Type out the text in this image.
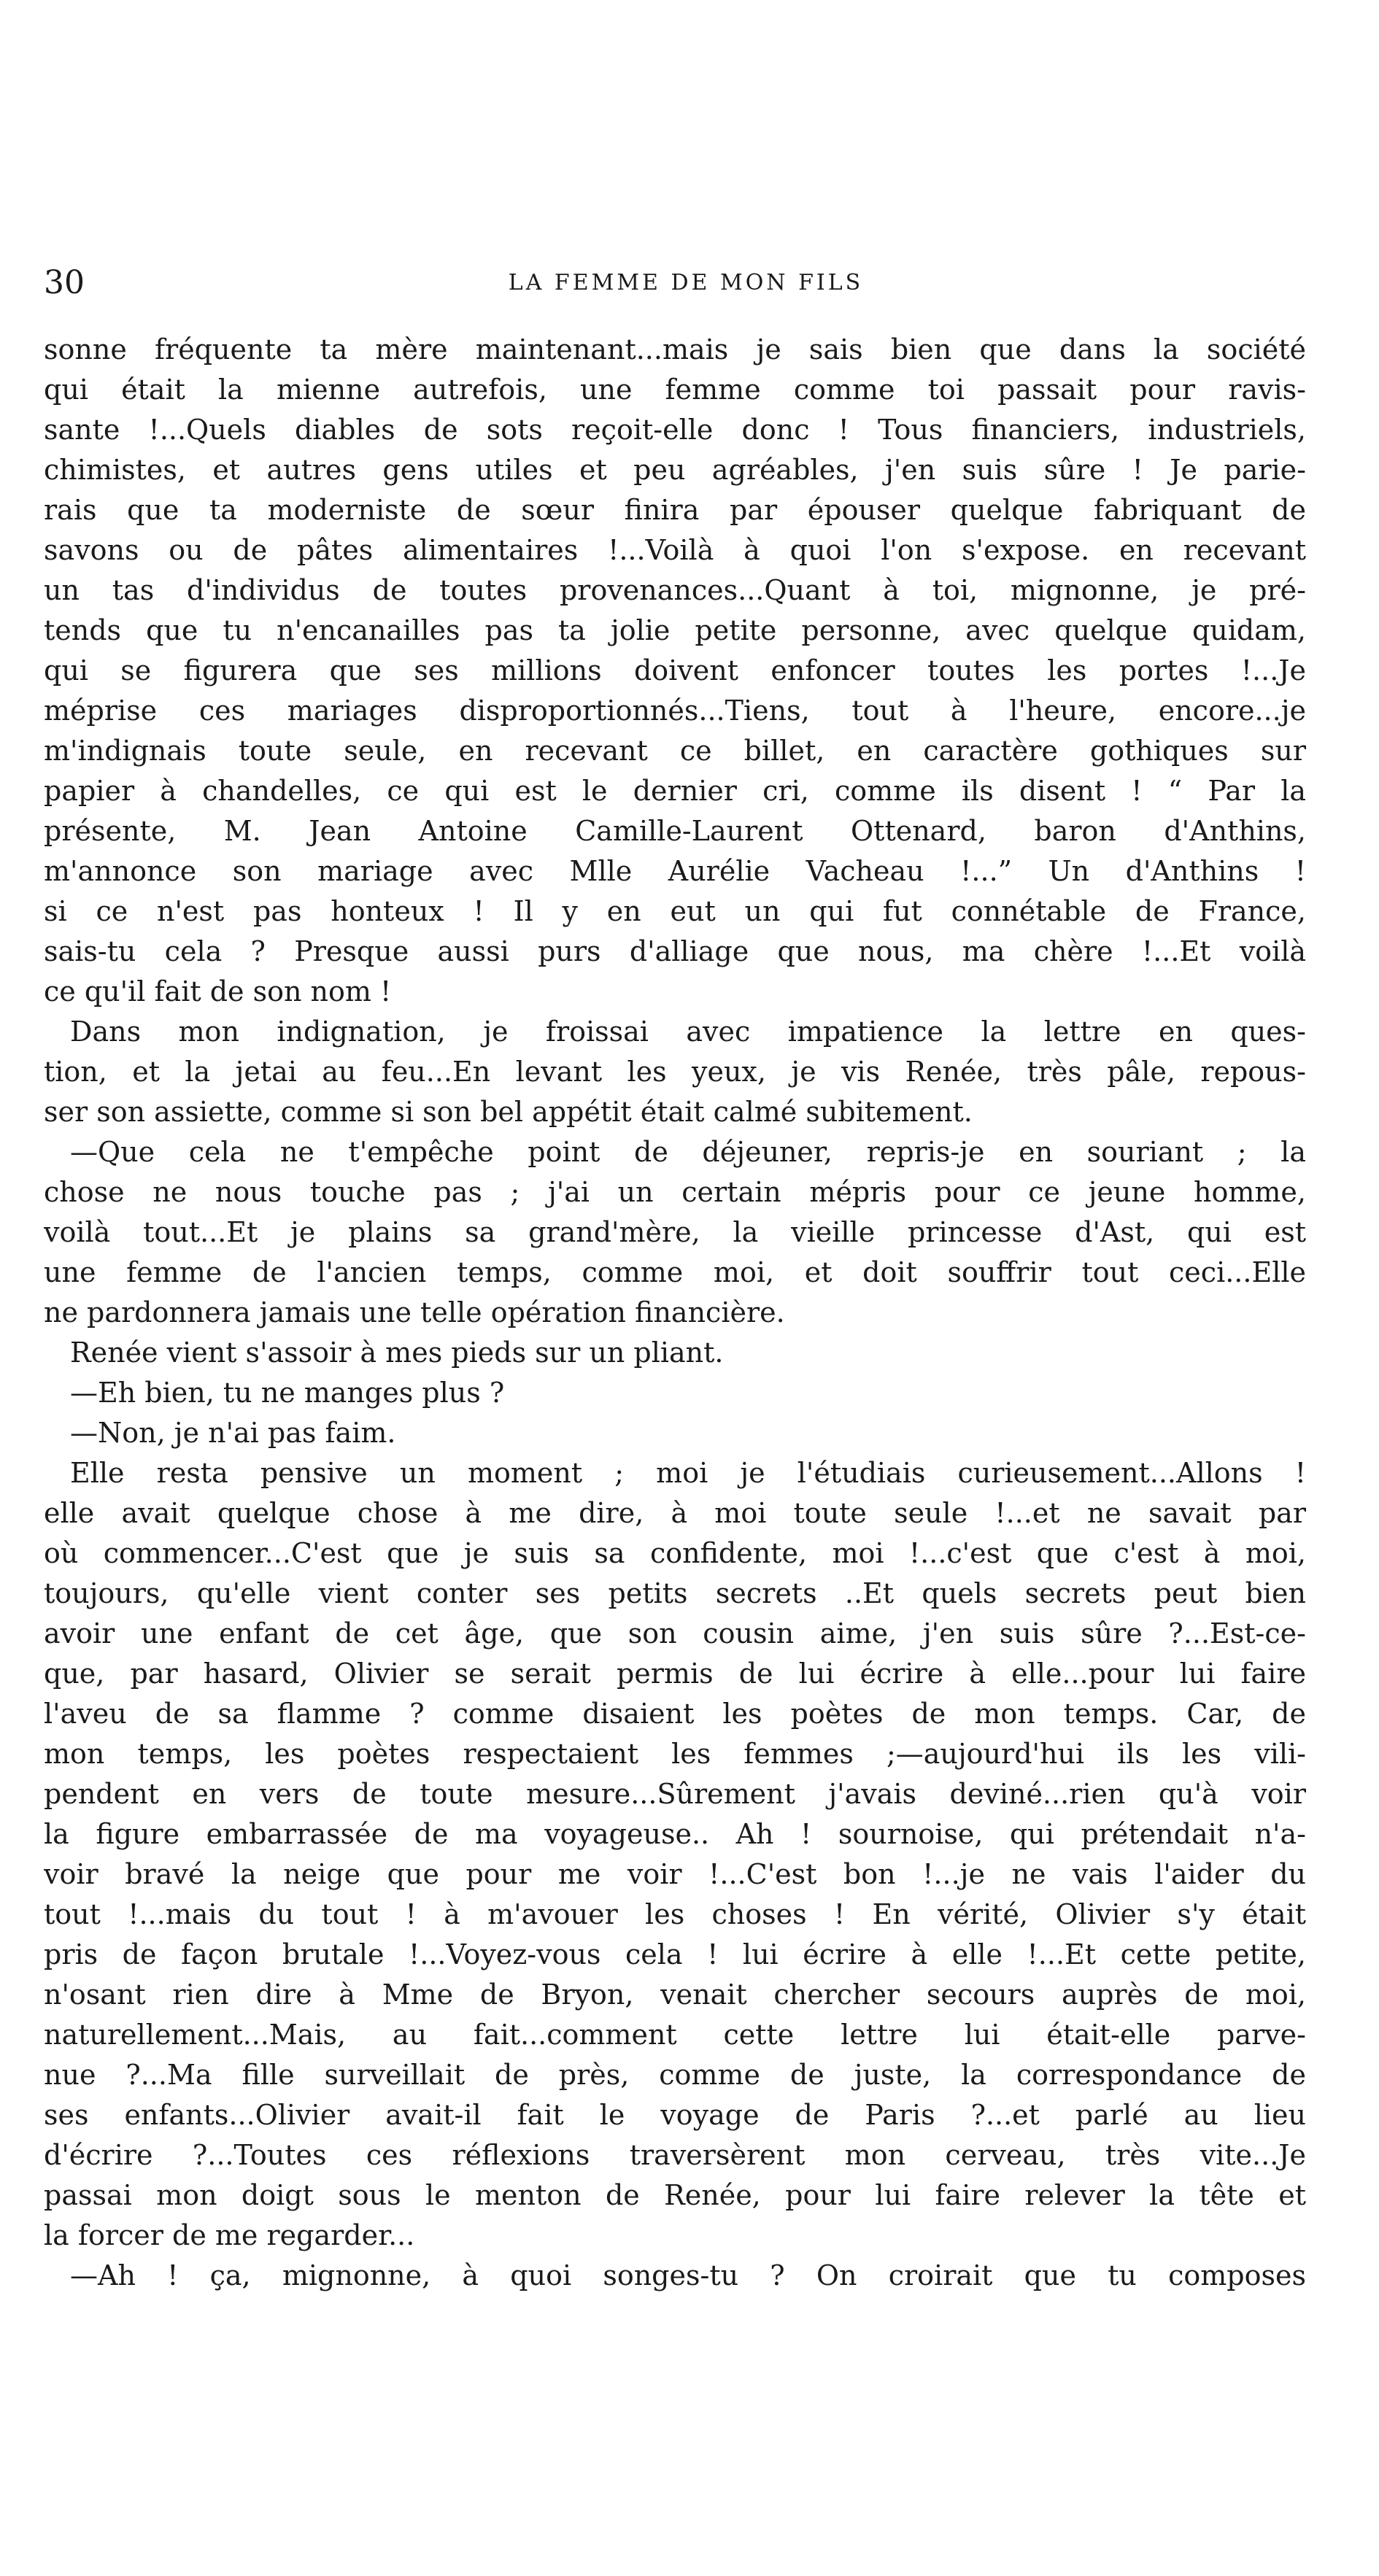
30	LA FEMME DE MON FILS
sonne fréquente ta mère maintenant...mais je sais bien que dans la société
qui était la mienne autrefois, une femme comme toi passait pour ravis-
sante !...Quels diables de sots reçoit-elle donc ! Tous financiers, industriels,
chimistes, et autres gens utiles et peu agréables, j'en suis sûre ! Je parie-
rais que ta moderniste de sœur finira par épouser quelque fabriquant de
savons ou de pâtes alimentaires !...Voilà à quoi l'on s'expose. en recevant
un tas d'individus de toutes provenances...Quant à toi, mignonne, je pré-
tends que tu n'encanailles pas ta jolie petite personne, avec quelque quidam,
qui se figurera que ses millions doivent enfoncer toutes les portes !...Je
méprise ces mariages disproportionnés...Tiens, tout à l'heure, encore...je
m'indignais toute seule, en recevant ce billet, en caractère gothiques sur
papier à chandelles, ce qui est le dernier cri, comme ils disent ! “ Par la
présente, M. Jean Antoine Camille-Laurent Ottenard, baron d'Anthins,
m'annonce son mariage avec Mlle Aurélie Vacheau !...” Un d'Anthins !
si ce n'est pas honteux ! Il y en eut un qui fut connétable de France,
sais-tu cela ? Presque aussi purs d'alliage que nous, ma chère !...Et voilà
ce qu'il fait de son nom !
Dans mon indignation, je froissai avec impatience la lettre en ques-
tion, et la jetai au feu...En levant les yeux, je vis Renée, très pâle, repous-
ser son assiette, comme si son bel appétit était calmé subitement.
—Que cela ne t'empêche point de déjeuner, repris-je en souriant ; la
chose ne nous touche pas ; j'ai un certain mépris pour ce jeune homme,
voilà tout...Et je plains sa grand'mère, la vieille princesse d'Ast, qui est
une femme de l'ancien temps, comme moi, et doit souffrir tout ceci...Elle
ne pardonnera jamais une telle opération financière.
Renée vient s'assoir à mes pieds sur un pliant.
—Eh bien, tu ne manges plus ?
—Non, je n'ai pas faim.
Elle resta pensive un moment ; moi je l'étudiais curieusement...Allons !
elle avait quelque chose à me dire, à moi toute seule !...et ne savait par
où commencer...C'est que je suis sa confidente, moi !...c'est que c'est à moi,
toujours, qu'elle vient conter ses petits secrets ..Et quels secrets peut bien
avoir une enfant de cet âge, que son cousin aime, j'en suis sûre ?...Est-ce-
que, par hasard, Olivier se serait permis de lui écrire à elle...pour lui faire
l'aveu de sa flamme ? comme disaient les poètes de mon temps. Car, de
mon temps, les poètes respectaient les femmes ;—aujourd'hui ils les vili-
pendent en vers de toute mesure...Sûrement j'avais deviné...rien qu'à voir
la figure embarrassée de ma voyageuse.. Ah ! sournoise, qui prétendait n'a-
voir bravé la neige que pour me voir !...C'est bon !...je ne vais l'aider du
tout !...mais du tout ! à m'avouer les choses ! En vérité, Olivier s'y était
pris de façon brutale !...Voyez-vous cela ! lui écrire à elle !...Et cette petite,
n'osant rien dire à Mme de Bryon, venait chercher secours auprès de moi,
naturellement...Mais, au fait...comment cette lettre lui était-elle parve-
nue ?...Ma fille surveillait de près, comme de juste, la correspondance de
ses enfants...Olivier avait-il fait le voyage de Paris ?...et parlé au lieu
d'écrire ?...Toutes ces réflexions traversèrent mon cerveau, très vite...Je
passai mon doigt sous le menton de Renée, pour lui faire relever la tête et
la forcer de me regarder...
—Ah ! ça, mignonne, à quoi songes-tu ? On croirait que tu composes
